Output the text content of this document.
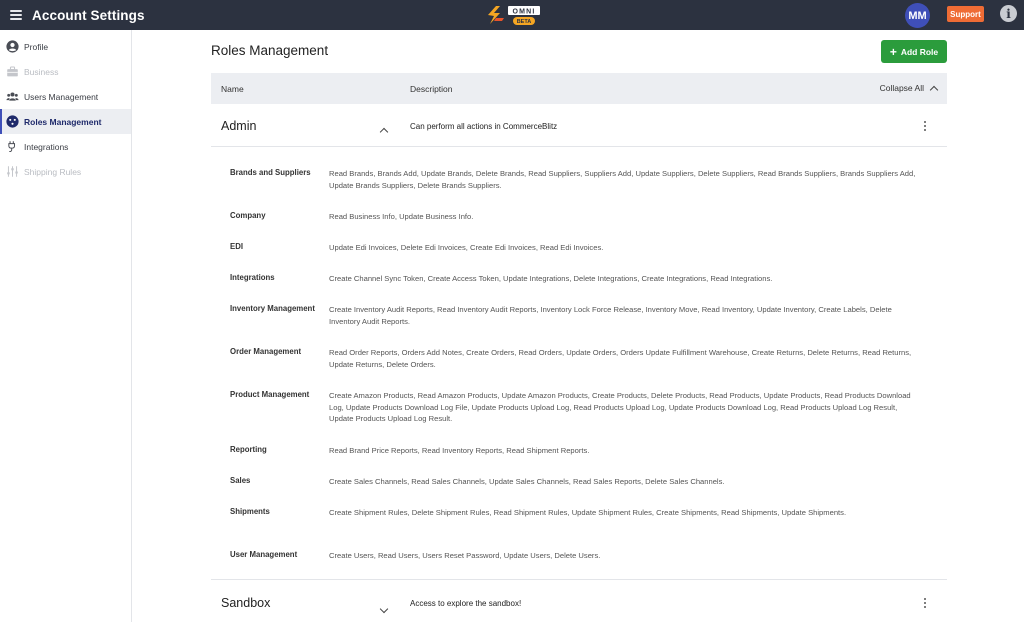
Account Settings	OMNI
BETA
MM	Support	i
Profile
Business
Users Management
Roles Management
Integrations
Shipping Rules
Roles Management	+ Add Role
Name	Description	Collapse All
Admin	Can perform all actions in CommerceBlitz
Brands and Suppliers	Read Brands, Brands Add, Update Brands, Delete Brands, Read Suppliers, Suppliers Add, Update Suppliers, Delete Suppliers, Read Brands Suppliers, Brands Suppliers Add, Update Brands Suppliers, Delete Brands Suppliers.
Company	Read Business Info, Update Business Info.
EDI	Update Edi Invoices, Delete Edi Invoices, Create Edi Invoices, Read Edi Invoices.
Integrations	Create Channel Sync Token, Create Access Token, Update Integrations, Delete Integrations, Create Integrations, Read Integrations.
Inventory Management	Create Inventory Audit Reports, Read Inventory Audit Reports, Inventory Lock Force Release, Inventory Move, Read Inventory, Update Inventory, Create Labels, Delete Inventory Audit Reports.
Order Management	Read Order Reports, Orders Add Notes, Create Orders, Read Orders, Update Orders, Orders Update Fulfillment Warehouse, Create Returns, Delete Returns, Read Returns, Update Returns, Delete Orders.
Product Management	Create Amazon Products, Read Amazon Products, Update Amazon Products, Create Products, Delete Products, Read Products, Update Products, Read Products Download Log, Update Products Download Log File, Update Products Upload Log, Read Products Upload Log, Update Products Download Log, Read Products Upload Log Result, Update Products Upload Log Result.
Reporting	Read Brand Price Reports, Read Inventory Reports, Read Shipment Reports.
Sales	Create Sales Channels, Read Sales Channels, Update Sales Channels, Read Sales Reports, Delete Sales Channels.
Shipments	Create Shipment Rules, Delete Shipment Rules, Read Shipment Rules, Update Shipment Rules, Create Shipments, Read Shipments, Update Shipments.
User Management	Create Users, Read Users, Users Reset Password, Update Users, Delete Users.
Sandbox	Access to explore the sandbox!
